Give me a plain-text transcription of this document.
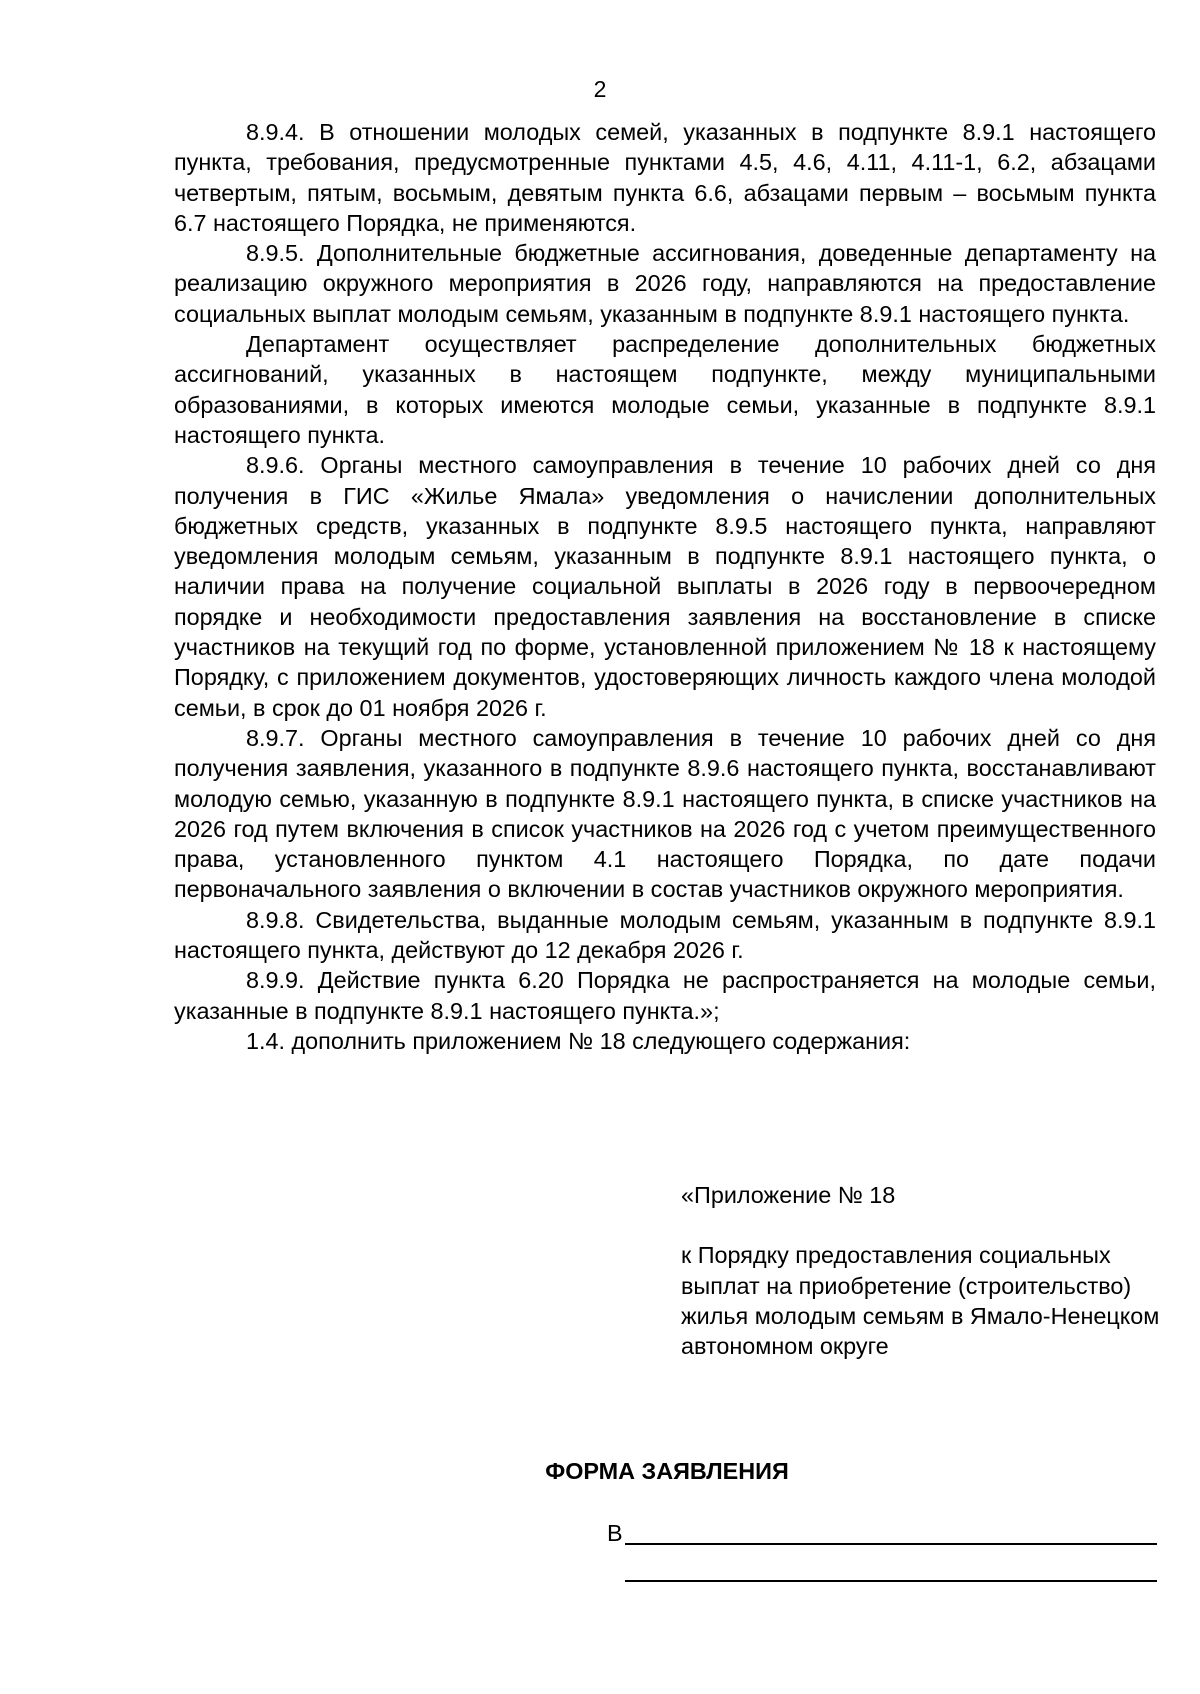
2

8.9.4. В отношении молодых семей, указанных в подпункте 8.9.1 настоящего пункта, требования, предусмотренные пунктами 4.5, 4.6, 4.11, 4.11-1, 6.2, абзацами четвертым, пятым, восьмым, девятым пункта 6.6, абзацами первым – восьмым пункта 6.7 настоящего Порядка, не применяются.

8.9.5. Дополнительные бюджетные ассигнования, доведенные департаменту на реализацию окружного мероприятия в 2026 году, направляются на предоставление социальных выплат молодым семьям, указанным в подпункте 8.9.1 настоящего пункта.

Департамент осуществляет распределение дополнительных бюджетных ассигнований, указанных в настоящем подпункте, между муниципальными образованиями, в которых имеются молодые семьи, указанные в подпункте 8.9.1 настоящего пункта.

8.9.6. Органы местного самоуправления в течение 10 рабочих дней со дня получения в ГИС «Жилье Ямала» уведомления о начислении дополнительных бюджетных средств, указанных в подпункте 8.9.5 настоящего пункта, направляют уведомления молодым семьям, указанным в подпункте 8.9.1 настоящего пункта, о наличии права на получение социальной выплаты в 2026 году в первоочередном порядке и необходимости предоставления заявления на восстановление в списке участников на текущий год по форме, установленной приложением № 18 к настоящему Порядку, с приложением документов, удостоверяющих личность каждого члена молодой семьи, в срок до 01 ноября 2026 г.

8.9.7. Органы местного самоуправления в течение 10 рабочих дней со дня получения заявления, указанного в подпункте 8.9.6 настоящего пункта, восстанавливают молодую семью, указанную в подпункте 8.9.1 настоящего пункта, в списке участников на 2026 год путем включения в список участников на 2026 год с учетом преимущественного права, установленного пунктом 4.1 настоящего Порядка, по дате подачи первоначального заявления о включении в состав участников окружного мероприятия.

8.9.8. Свидетельства, выданные молодым семьям, указанным в подпункте 8.9.1 настоящего пункта, действуют до 12 декабря 2026 г.

8.9.9. Действие пункта 6.20 Порядка не распространяется на молодые семьи, указанные в подпункте 8.9.1 настоящего пункта.»;

1.4. дополнить приложением № 18 следующего содержания:

«Приложение № 18

к Порядку предоставления социальных выплат на приобретение (строительство) жилья молодым семьям в Ямало-Ненецком автономном округе

ФОРМА ЗАЯВЛЕНИЯ
В
